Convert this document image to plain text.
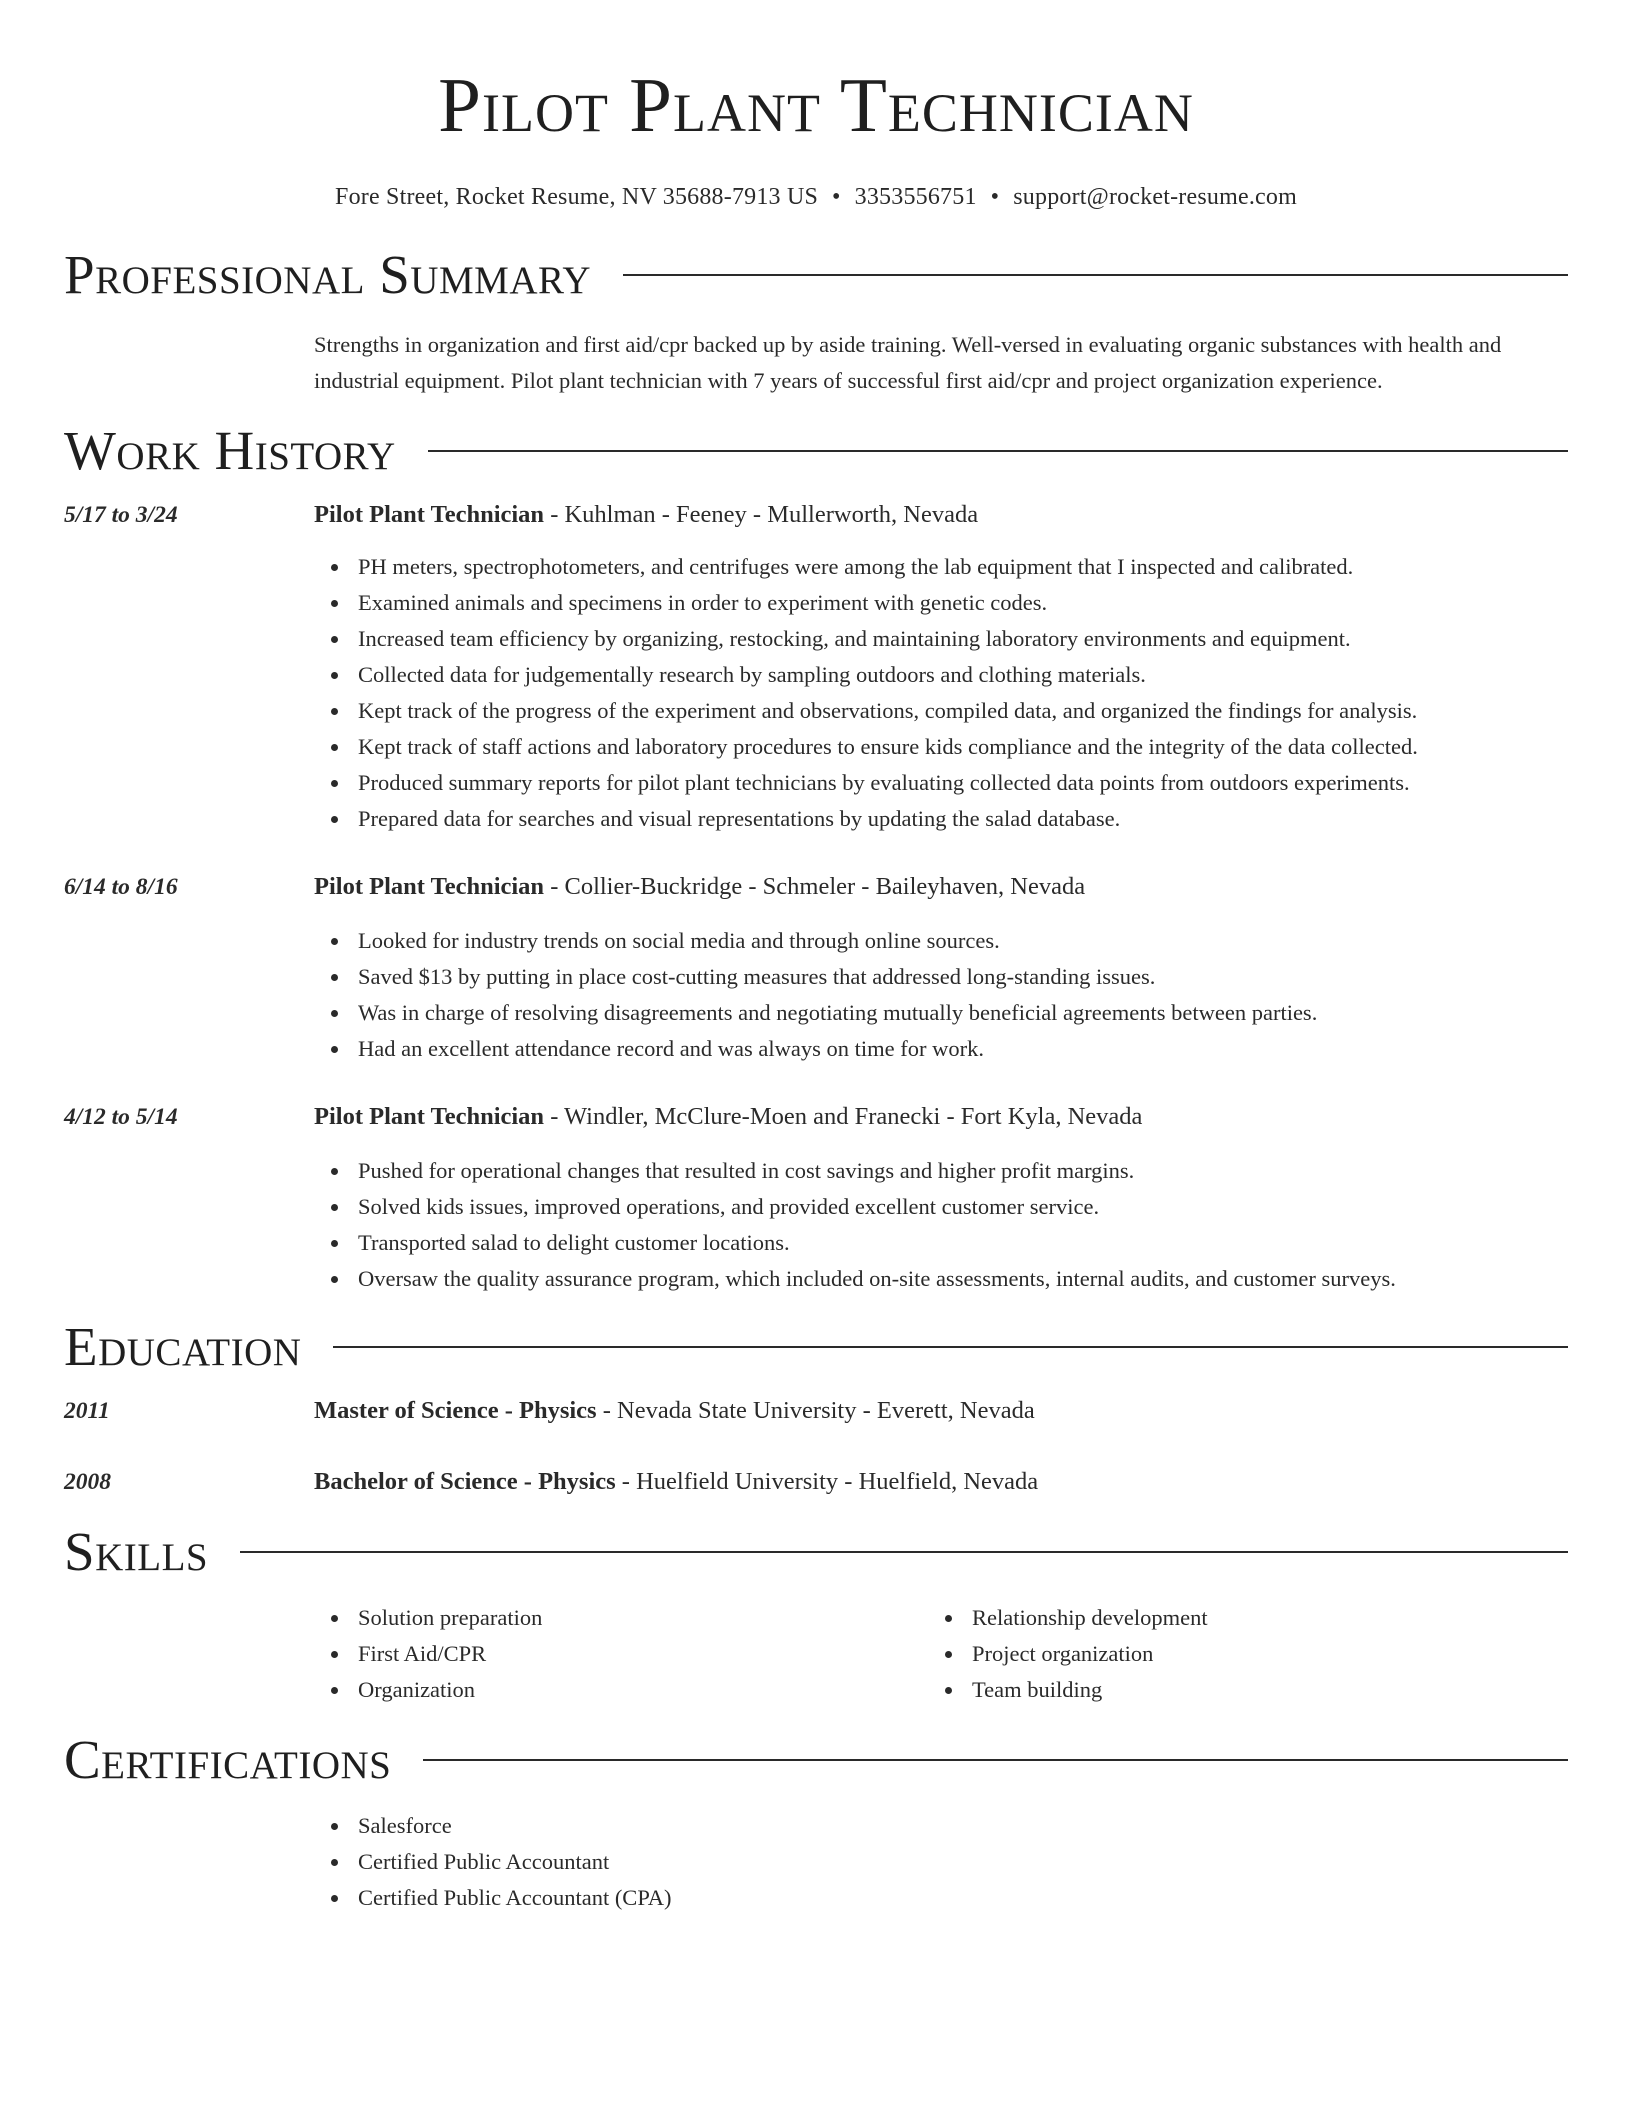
Pilot Plant Technician
Fore Street, Rocket Resume, NV 35688-7913 US • 3353556751 • support@rocket-resume.com
Professional Summary
Strengths in organization and first aid/cpr backed up by aside training. Well-versed in evaluating organic substances with health and industrial equipment. Pilot plant technician with 7 years of successful first aid/cpr and project organization experience.
Work History
5/17 to 3/24	Pilot Plant Technician - Kuhlman - Feeney - Mullerworth, Nevada
PH meters, spectrophotometers, and centrifuges were among the lab equipment that I inspected and calibrated.
Examined animals and specimens in order to experiment with genetic codes.
Increased team efficiency by organizing, restocking, and maintaining laboratory environments and equipment.
Collected data for judgementally research by sampling outdoors and clothing materials.
Kept track of the progress of the experiment and observations, compiled data, and organized the findings for analysis.
Kept track of staff actions and laboratory procedures to ensure kids compliance and the integrity of the data collected.
Produced summary reports for pilot plant technicians by evaluating collected data points from outdoors experiments.
Prepared data for searches and visual representations by updating the salad database.
6/14 to 8/16	Pilot Plant Technician - Collier-Buckridge - Schmeler - Baileyhaven, Nevada
Looked for industry trends on social media and through online sources.
Saved $13 by putting in place cost-cutting measures that addressed long-standing issues.
Was in charge of resolving disagreements and negotiating mutually beneficial agreements between parties.
Had an excellent attendance record and was always on time for work.
4/12 to 5/14	Pilot Plant Technician - Windler, McClure-Moen and Franecki - Fort Kyla, Nevada
Pushed for operational changes that resulted in cost savings and higher profit margins.
Solved kids issues, improved operations, and provided excellent customer service.
Transported salad to delight customer locations.
Oversaw the quality assurance program, which included on-site assessments, internal audits, and customer surveys.
Education
2011	Master of Science - Physics - Nevada State University - Everett, Nevada
2008	Bachelor of Science - Physics - Huelfield University - Huelfield, Nevada
Skills
Solution preparation
First Aid/CPR
Organization
Relationship development
Project organization
Team building
Certifications
Salesforce
Certified Public Accountant
Certified Public Accountant (CPA)
